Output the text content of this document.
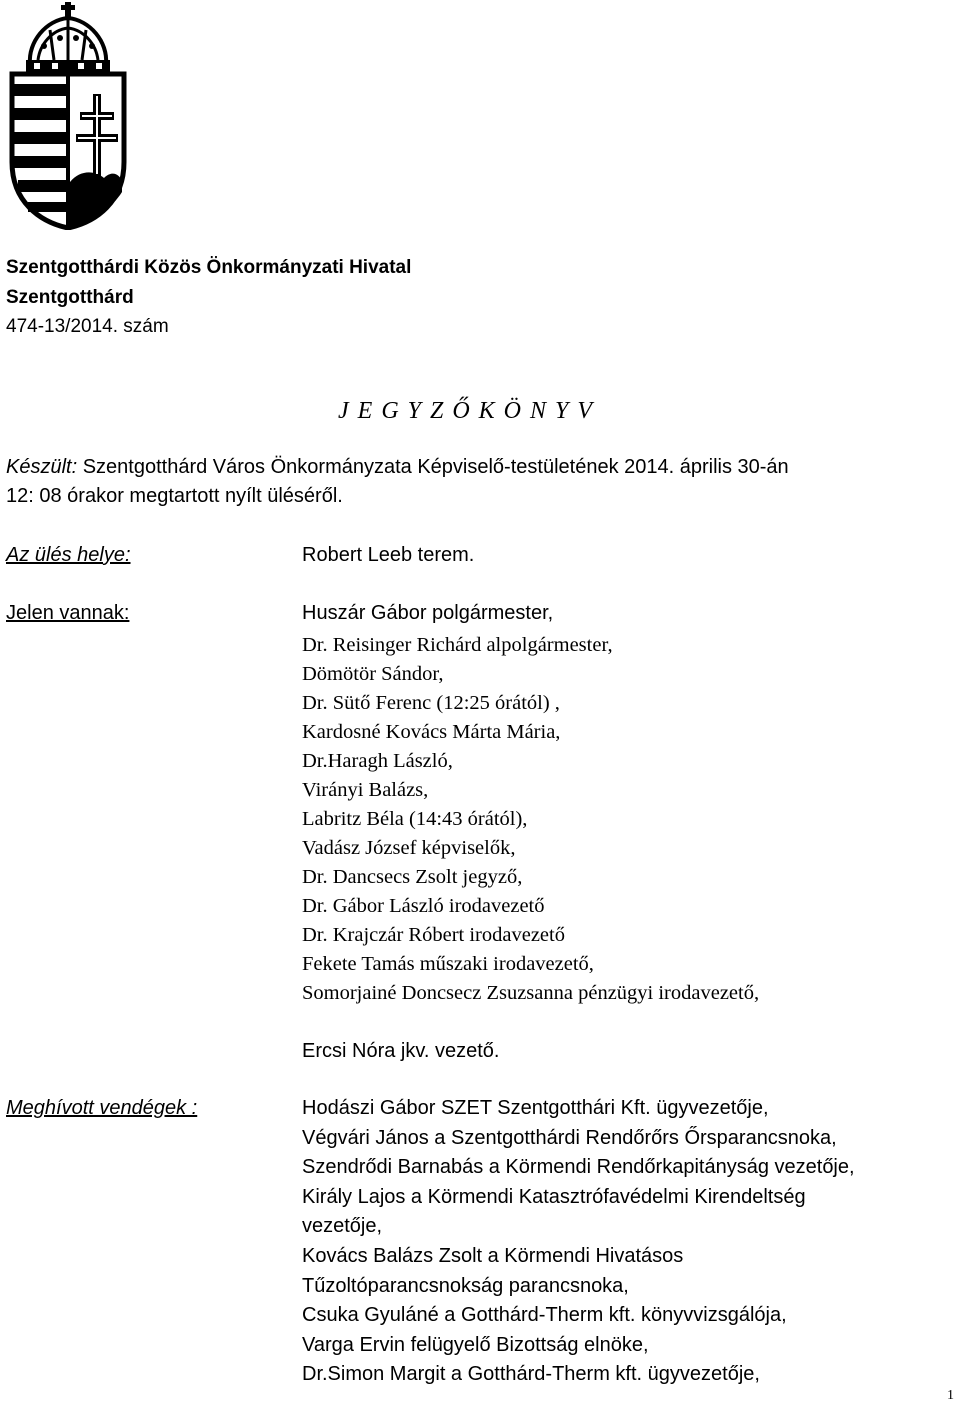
Szentgotthárdi Közös Önkormányzati Hivatal
Szentgotthárd
474-13/2014. szám
J E G Y Z Ő K Ö N Y V
Készült: Szentgotthárd Város Önkormányzata Képviselő-testületének 2014. április 30-án
12: 08 órakor megtartott nyílt üléséről.
Az ülés helye:	Robert Leeb terem.
Jelen vannak:	Huszár Gábor polgármester,
Dr. Reisinger Richárd alpolgármester,
Dömötör Sándor,
Dr. Sütő Ferenc (12:25 órától) ,
Kardosné Kovács Márta Mária,
Dr.Haragh László,
Virányi Balázs,
Labritz Béla (14:43 órától),
Vadász József képviselők,
Dr. Dancsecs Zsolt jegyző,
Dr. Gábor László irodavezető
Dr. Krajczár Róbert irodavezető
Fekete Tamás műszaki irodavezető,
Somorjainé Doncsecz Zsuzsanna pénzügyi irodavezető,
Ercsi Nóra jkv. vezető.
Meghívott vendégek :	Hodászi Gábor SZET Szentgotthári Kft. ügyvezetője,
Végvári János a Szentgotthárdi Rendőrőrs Őrsparancsnoka,
Szendrődi Barnabás a Körmendi Rendőrkapitányság vezetője,
Király Lajos a Körmendi Katasztrófavédelmi Kirendeltség
vezetője,
Kovács Balázs Zsolt a Körmendi Hivatásos
Tűzoltóparancsnokság parancsnoka,
Csuka Gyuláné a Gotthárd-Therm kft. könyvvizsgálója,
Varga Ervin felügyelő Bizottság elnöke,
Dr.Simon Margit a Gotthárd-Therm kft. ügyvezetője,
1
